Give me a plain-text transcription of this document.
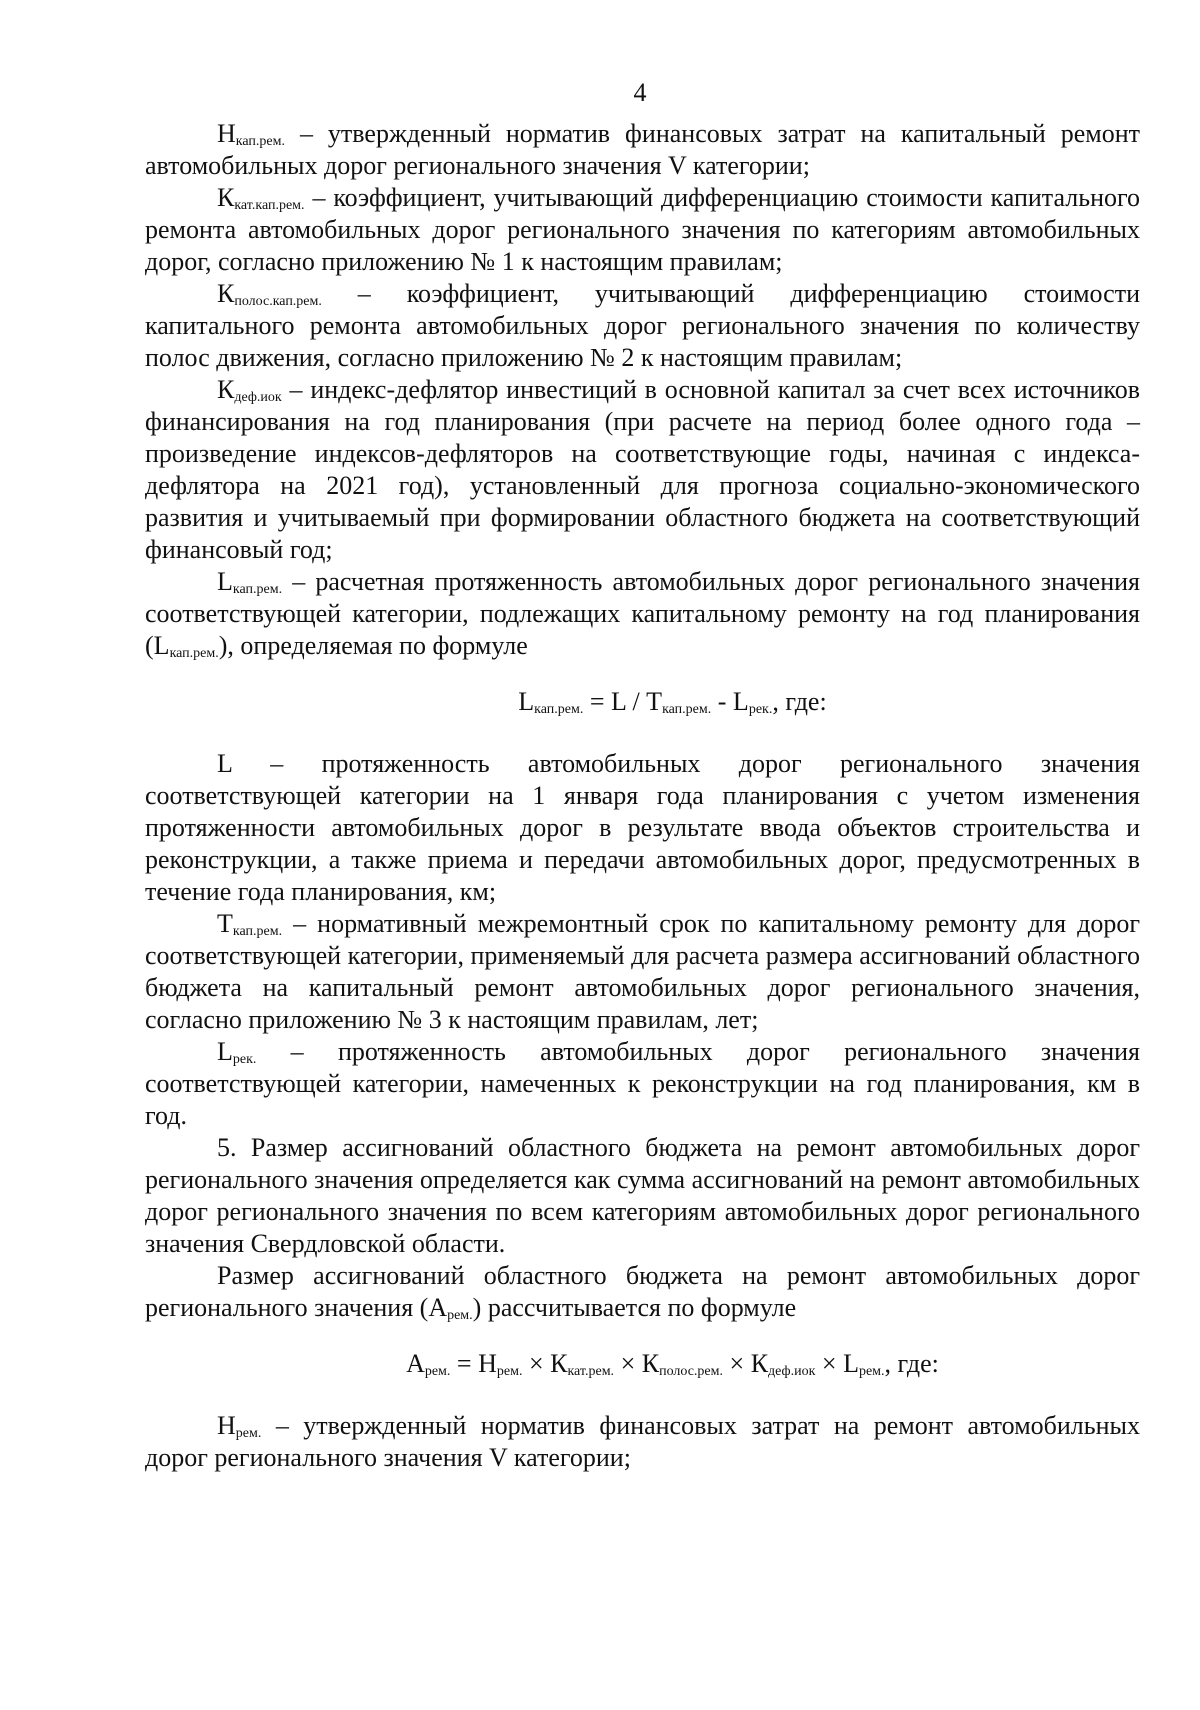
4

$Н_{кап.рем.}$ – утвержденный норматив финансовых затрат на капитальный ремонт автомобильных дорог регионального значения V категории;

$К_{кат.кап.рем.}$ – коэффициент, учитывающий дифференциацию стоимости капитального ремонта автомобильных дорог регионального значения по категориям автомобильных дорог, согласно приложению № 1 к настоящим правилам;

$К_{полос.кап.рем.}$ – коэффициент, учитывающий дифференциацию стоимости капитального ремонта автомобильных дорог регионального значения по количеству полос движения, согласно приложению № 2 к настоящим правилам;

$К_{деф.иок}$ – индекс-дефлятор инвестиций в основной капитал за счет всех источников финансирования на год планирования (при расчете на период более одного года – произведение индексов-дефляторов на соответствующие годы, начиная с индекса-дефлятора на 2021 год), установленный для прогноза социально-экономического развития и учитываемый при формировании областного бюджета на соответствующий финансовый год;

$L_{кап.рем.}$ – расчетная протяженность автомобильных дорог регионального значения соответствующей категории, подлежащих капитальному ремонту на год планирования $(L_{кап.рем.})$, определяемая по формуле

$L_{кап.рем.} = L / Т_{кап.рем.} - L_{рек.}$, где:

L – протяженность автомобильных дорог регионального значения соответствующей категории на 1 января года планирования с учетом изменения протяженности автомобильных дорог в результате ввода объектов строительства и реконструкции, а также приема и передачи автомобильных дорог, предусмотренных в течение года планирования, км;

$Т_{кап.рем.}$ – нормативный межремонтный срок по капитальному ремонту для дорог соответствующей категории, применяемый для расчета размера ассигнований областного бюджета на капитальный ремонт автомобильных дорог регионального значения, согласно приложению № 3 к настоящим правилам, лет;

$L_{рек.}$ – протяженность автомобильных дорог регионального значения соответствующей категории, намеченных к реконструкции на год планирования, км в год.

5. Размер ассигнований областного бюджета на ремонт автомобильных дорог регионального значения определяется как сумма ассигнований на ремонт автомобильных дорог регионального значения по всем категориям автомобильных дорог регионального значения Свердловской области.

Размер ассигнований областного бюджета на ремонт автомобильных дорог регионального значения $(А_{рем.})$ рассчитывается по формуле

$А_{рем.} = Н_{рем.} \times К_{кат.рем.} \times К_{полос.рем.} \times К_{деф.иок} \times L_{рем.}$, где:

$Н_{рем.}$ – утвержденный норматив финансовых затрат на ремонт автомобильных дорог регионального значения V категории;
